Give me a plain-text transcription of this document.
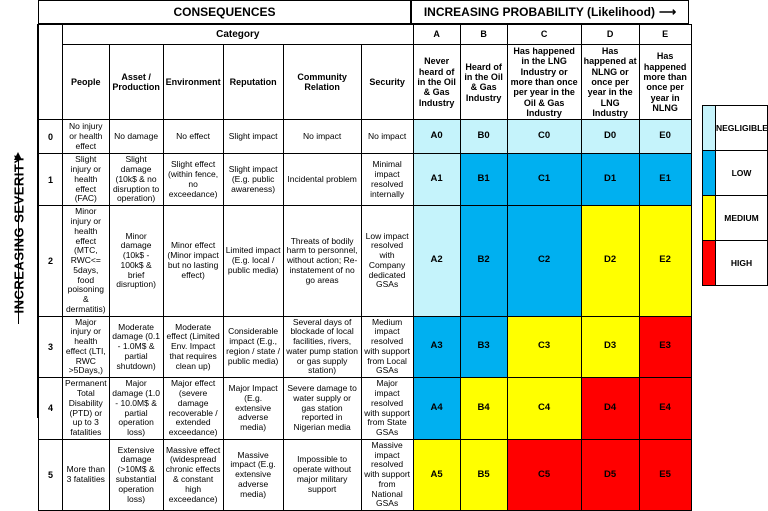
CONSEQUENCES	INCREASING PROBABILITY (Likelihood) ⟶
INCREASING SEVERITY
	Category						A	B	C	D	E
	People	Asset / Production	Environment	Reputation	Community Relation	Security	Never heard of in the Oil & Gas Industry	Heard of in the Oil & Gas Industry	Has happened in the LNG Industry or more than once per year in the Oil & Gas Industry	Has happened at NLNG or once per year in the LNG Industry	Has happened more than once per year in NLNG
0	No injury or health effect	No damage	No effect	Slight impact	No impact	No impact	A0	B0	C0	D0	E0
1	Slight injury or health effect (FAC)	Slight damage (10k$ & no disruption to operation)	Slight effect (within fence, no exceedance)	Slight impact (E.g. public awareness)	Incidental problem	Minimal impact resolved internally	A1	B1	C1	D1	E1
2	Minor injury or health effect (MTC, RWC<= 5days, food poisoning & dermatitis)	Minor damage (10k$ - 100k$ & brief disruption)	Minor effect (Minor impact but no lasting effect)	Limited impact (E.g. local / public media)	Threats of bodily harm to personnel, without action; Re-instatement of no go areas	Low impact resolved with Company dedicated GSAs	A2	B2	C2	D2	E2
3	Major injury or health effect (LTI, RWC >5Days,)	Moderate damage (0.1 - 1.0M$ & partial shutdown)	Moderate effect (Limited Env. Impact that requires clean up)	Considerable impact (E.g., region / state / public media)	Several days of blockade of local facilities, rivers, water pump station or gas supply station)	Medium impact resolved with support from Local GSAs	A3	B3	C3	D3	E3
4	Permanent Total Disability (PTD) or up to 3 fatalities	Major damage (1.0 - 10.0M$ & partial operation loss)	Major effect (severe damage recoverable / extended exceedance)	Major Impact (E.g. extensive adverse media)	Severe damage to water supply or gas station reported in Nigerian media	Major impact resolved with support from State GSAs	A4	B4	C4	D4	E4
5	More than 3 fatalities	Extensive damage (>10M$ & substantial operation loss)	Massive effect (widespread chronic effects & constant high exceedance)	Massive impact (E.g. extensive adverse media)	Impossible to operate without major military support	Massive impact resolved with support from National GSAs	A5	B5	C5	D5	E5
	NEGLIGIBLE
	LOW
	MEDIUM
	HIGH
